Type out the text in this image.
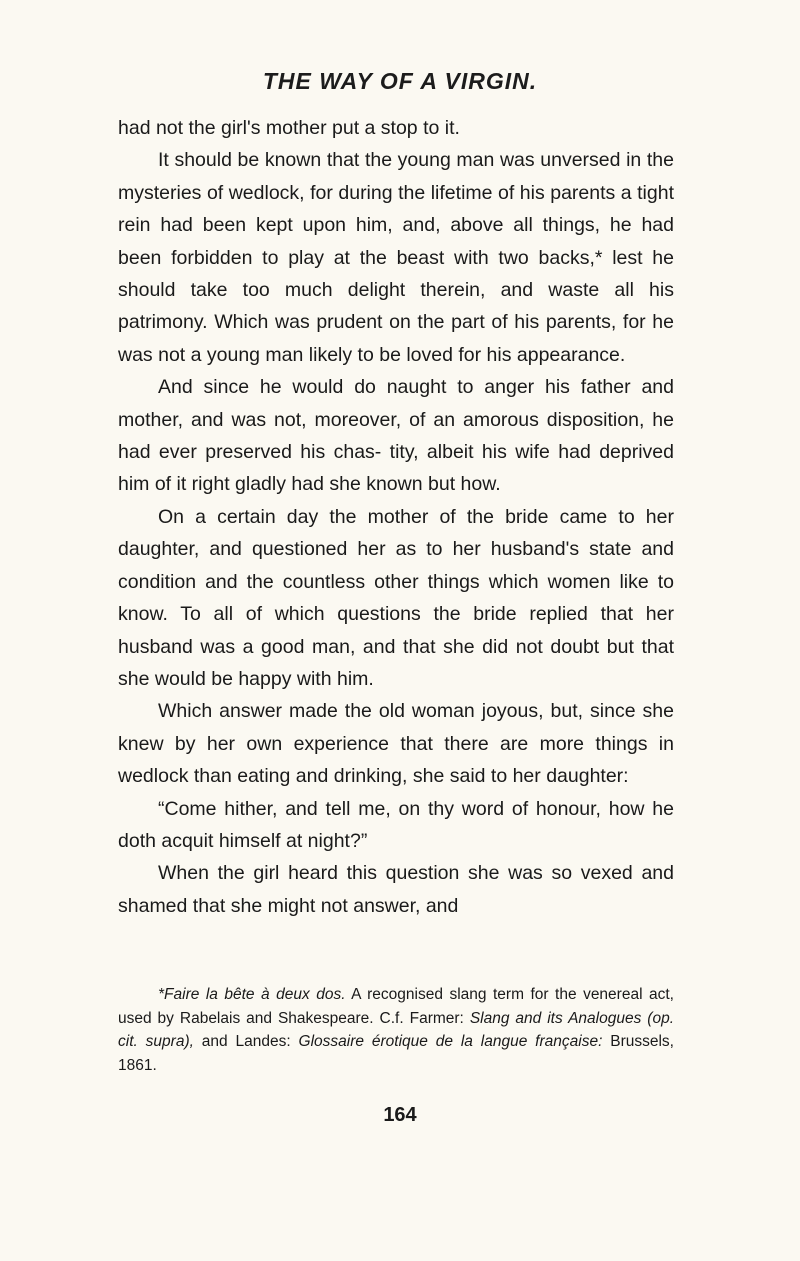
THE WAY OF A VIRGIN.

had not the girl's mother put a stop to it.

It should be known that the young man was unversed in the mysteries of wedlock, for during the lifetime of his parents a tight rein had been kept upon him, and, above all things, he had been forbidden to play at the beast with two backs,* lest he should take too much delight therein, and waste all his patrimony. Which was prudent on the part of his parents, for he was not a young man likely to be loved for his appearance.

And since he would do naught to anger his father and mother, and was not, moreover, of an amorous disposition, he had ever preserved his chas- tity, albeit his wife had deprived him of it right gladly had she known but how.

On a certain day the mother of the bride came to her daughter, and questioned her as to her husband's state and condition and the countless other things which women like to know. To all of which questions the bride replied that her husband was a good man, and that she did not doubt but that she would be happy with him.

Which answer made the old woman joyous, but, since she knew by her own experience that there are more things in wedlock than eating and drinking, she said to her daughter:

“Come hither, and tell me, on thy word of honour, how he doth acquit himself at night?”

When the girl heard this question she was so vexed and shamed that she might not answer, and

*Faire la bête à deux dos. A recognised slang term for the venereal act, used by Rabelais and Shakespeare. C.f. Farmer: Slang and its Analogues (op. cit. supra), and Landes: Glossaire érotique de la langue française: Brussels, 1861.
164
